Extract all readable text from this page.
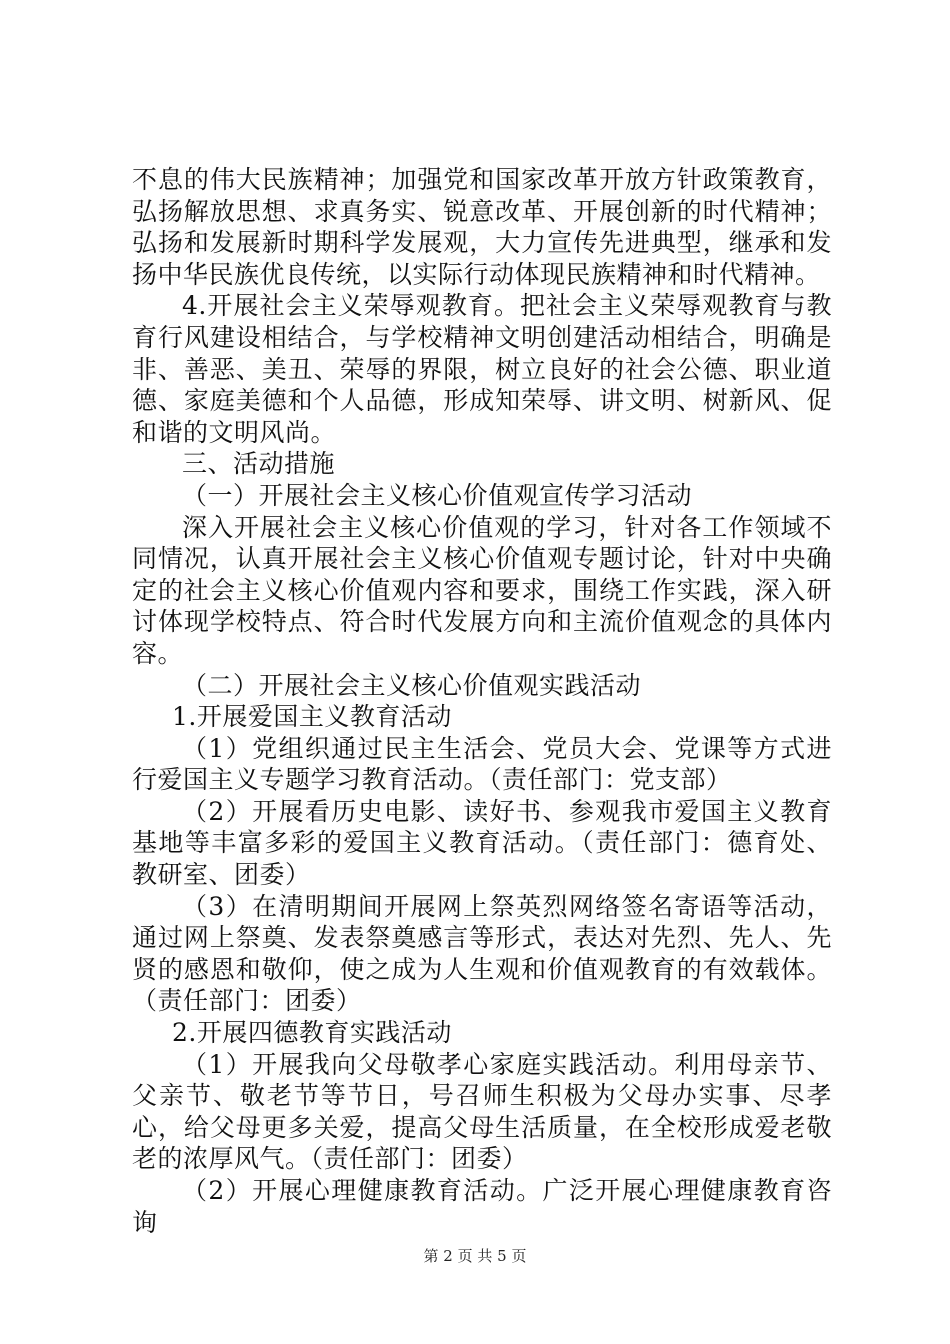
不息的伟大民族精神；加强党和国家改革开放方针政策教育，弘扬解放思想、求真务实、锐意改革、开展创新的时代精神；弘扬和发展新时期科学发展观，大力宣传先进典型，继承和发扬中华民族优良传统，以实际行动体现民族精神和时代精神。

4.开展社会主义荣辱观教育。把社会主义荣辱观教育与教育行风建设相结合，与学校精神文明创建活动相结合，明确是非、善恶、美丑、荣辱的界限，树立良好的社会公德、职业道德、家庭美德和个人品德，形成知荣辱、讲文明、树新风、促和谐的文明风尚。

三、活动措施

（一）开展社会主义核心价值观宣传学习活动

深入开展社会主义核心价值观的学习，针对各工作领域不同情况，认真开展社会主义核心价值观专题讨论，针对中央确定的社会主义核心价值观内容和要求，围绕工作实践，深入研讨体现学校特点、符合时代发展方向和主流价值观念的具体内容。

（二）开展社会主义核心价值观实践活动

1.开展爱国主义教育活动

（1）党组织通过民主生活会、党员大会、党课等方式进行爱国主义专题学习教育活动。（责任部门：党支部）

（2）开展看历史电影、读好书、参观我市爱国主义教育基地等丰富多彩的爱国主义教育活动。（责任部门：德育处、教研室、团委）

（3）在清明期间开展网上祭英烈网络签名寄语等活动，通过网上祭奠、发表祭奠感言等形式，表达对先烈、先人、先贤的感恩和敬仰，使之成为人生观和价值观教育的有效载体。（责任部门：团委）

2.开展四德教育实践活动

（1）开展我向父母敬孝心家庭实践活动。利用母亲节、父亲节、敬老节等节日，号召师生积极为父母办实事、尽孝心，给父母更多关爱，提高父母生活质量，在全校形成爱老敬老的浓厚风气。（责任部门：团委）

（2）开展心理健康教育活动。广泛开展心理健康教育咨询

第 2 页 共 5 页
